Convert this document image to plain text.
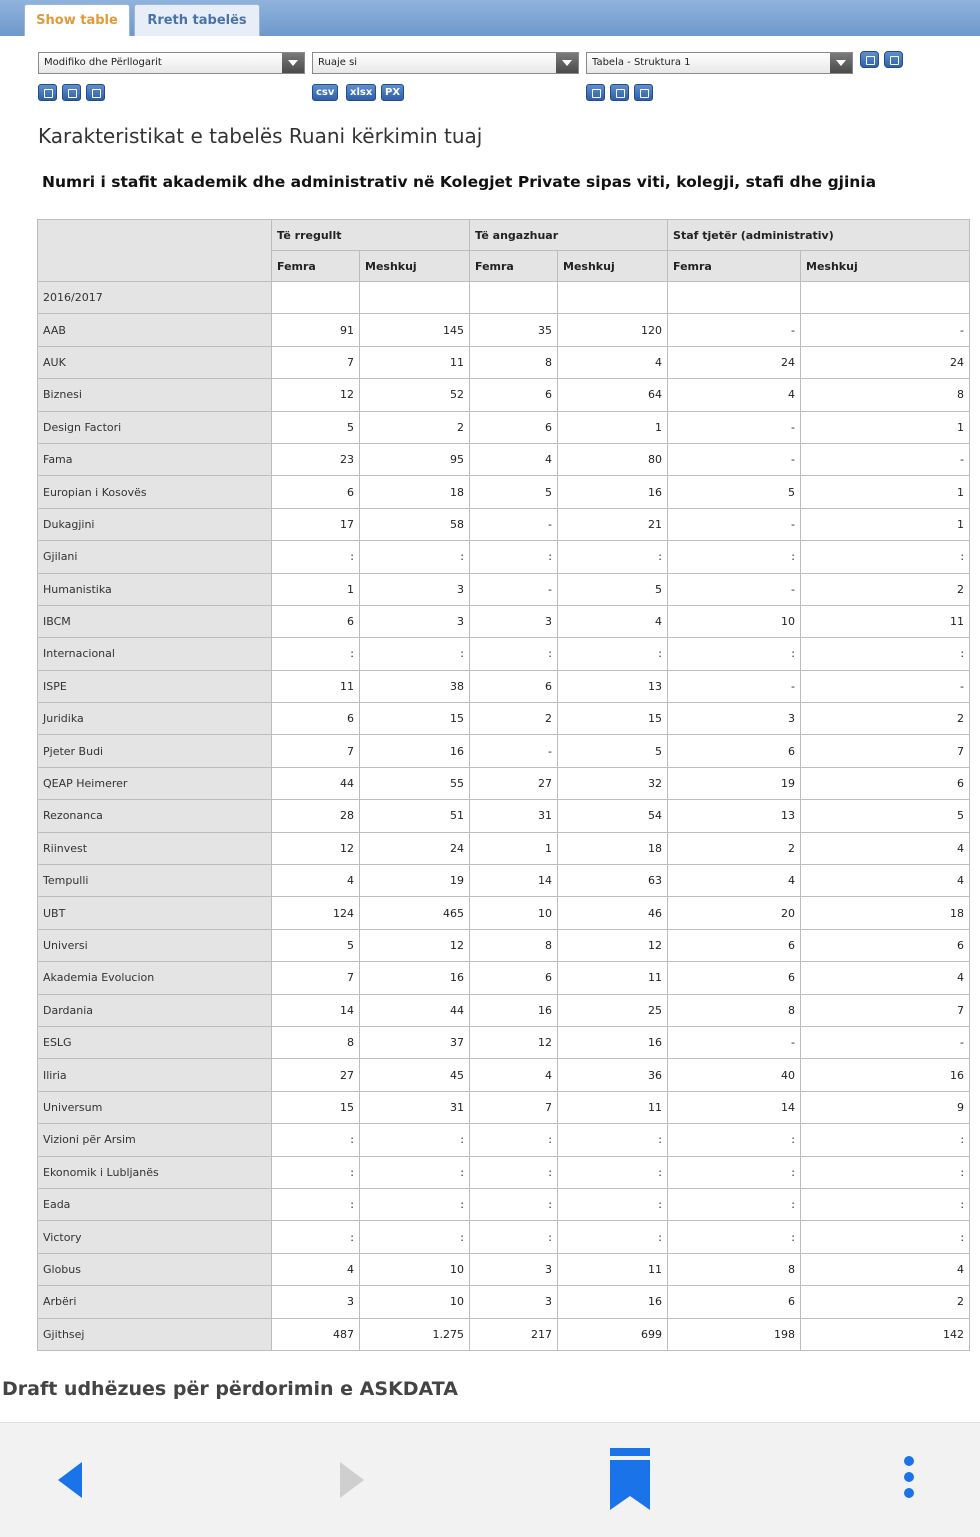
Show table	Rreth tabelës
Modifiko dhe Përllogarit	Ruaje si	Tabela - Struktura 1
csv	xlsx	PX
Karakteristikat e tabelës Ruani kërkimin tuaj
Numri i stafit akademik dhe administrativ në Kolegjet Private sipas viti, kolegji, stafi dhe gjinia
	Të rregullt		Të angazhuar		Staf tjetër (administrativ)	
	Femra	Meshkuj	Femra	Meshkuj	Femra	Meshkuj
2016/2017						
AAB	91	145	35	120	-	-
AUK	7	11	8	4	24	24
Biznesi	12	52	6	64	4	8
Design Factori	5	2	6	1	-	1
Fama	23	95	4	80	-	-
Europian i Kosovës	6	18	5	16	5	1
Dukagjini	17	58	-	21	-	1
Gjilani	:	:	:	:	:	:
Humanistika	1	3	-	5	-	2
IBCM	6	3	3	4	10	11
Internacional	:	:	:	:	:	:
ISPE	11	38	6	13	-	-
Juridika	6	15	2	15	3	2
Pjeter Budi	7	16	-	5	6	7
QEAP Heimerer	44	55	27	32	19	6
Rezonanca	28	51	31	54	13	5
Riinvest	12	24	1	18	2	4
Tempulli	4	19	14	63	4	4
UBT	124	465	10	46	20	18
Universi	5	12	8	12	6	6
Akademia Evolucion	7	16	6	11	6	4
Dardania	14	44	16	25	8	7
ESLG	8	37	12	16	-	-
Iliria	27	45	4	36	40	16
Universum	15	31	7	11	14	9
Vizioni për Arsim	:	:	:	:	:	:
Ekonomik i Lubljanës	:	:	:	:	:	:
Eada	:	:	:	:	:	:
Victory	:	:	:	:	:	:
Globus	4	10	3	11	8	4
Arbëri	3	10	3	16	6	2
Gjithsej	487	1.275	217	699	198	142
Draft udhëzues për përdorimin e ASKDATA
